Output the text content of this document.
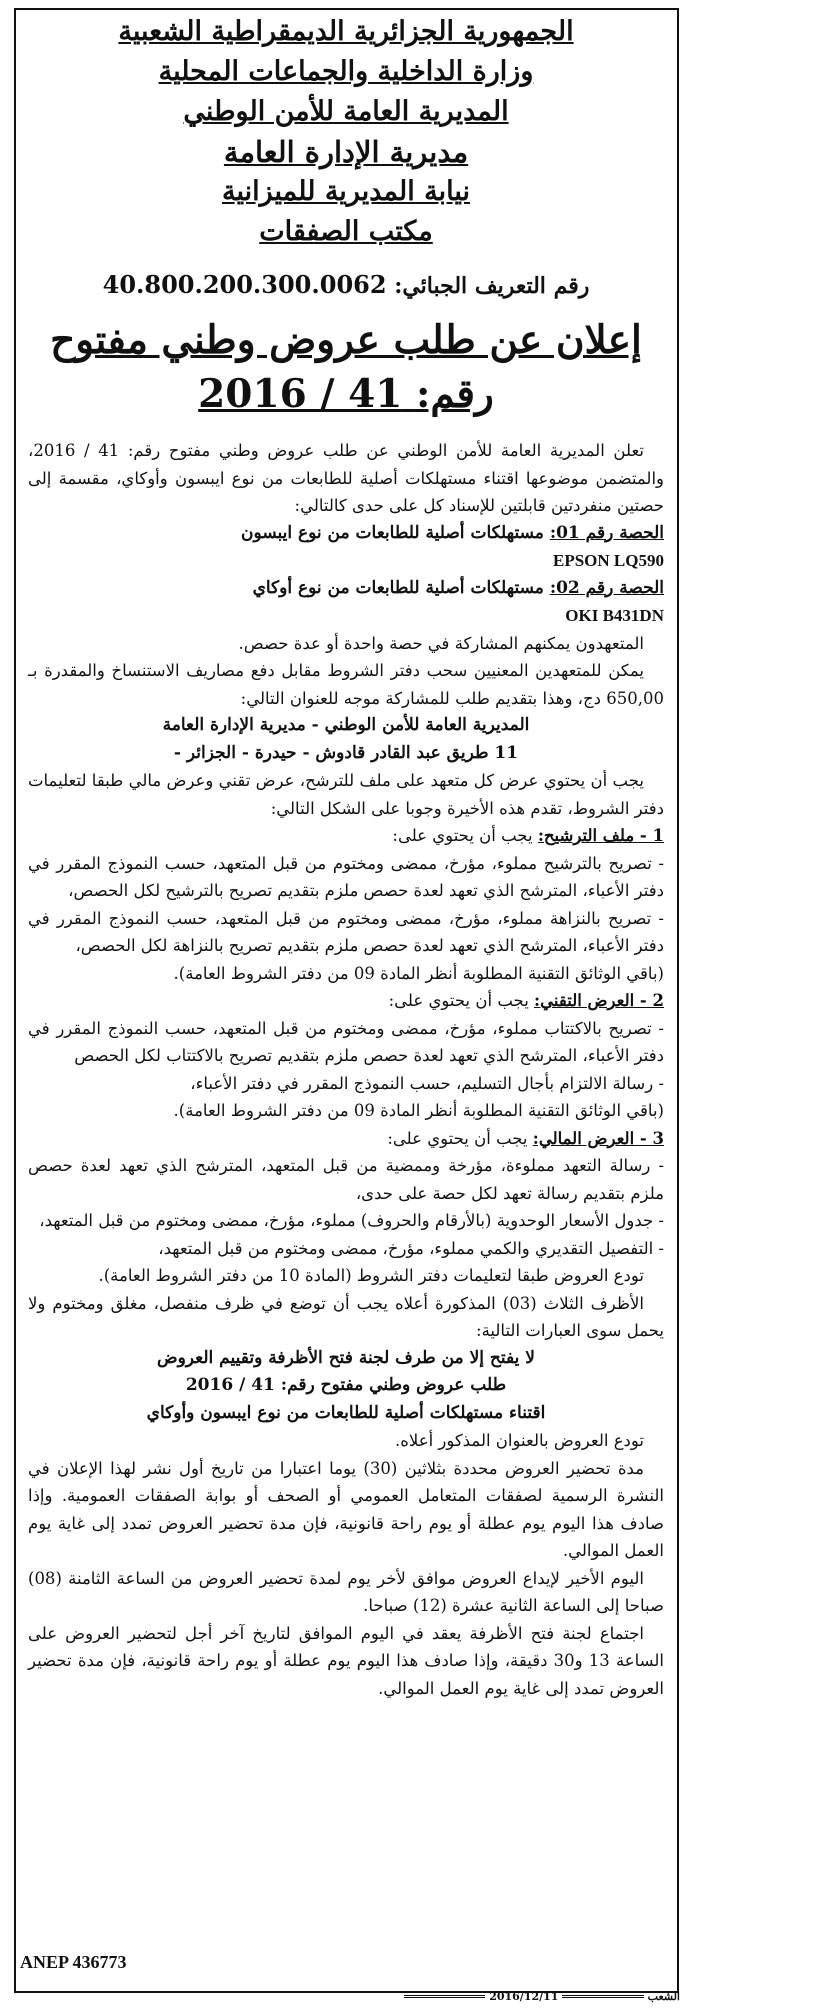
الجمهورية الجزائرية الديمقراطية الشعبية

وزارة الداخلية والجماعات المحلية

المديرية العامة للأمن الوطني

مديرية الإدارة العامة

نيابة المديرية للميزانية

مكتب الصفقات

رقم التعريف الجبائي: 40.800.200.300.0062
إعلان عن طلب عروض وطني مفتوح
رقم: 2016 / 41

تعلن المديرية العامة للأمن الوطني عن طلب عروض وطني مفتوح رقم: 41 / 2016، والمتضمن موضوعها اقتناء مستهلكات أصلية للطابعات من نوع ايبسون وأوكاي، مقسمة إلى حصتين منفردتين قابلتين للإسناد كل على حدى كالتالي:

الحصة رقم 01: مستهلكات أصلية للطابعات من نوع ايبسون

EPSON LQ590

الحصة رقم 02: مستهلكات أصلية للطابعات من نوع أوكاي

OKI B431DN

المتعهدون يمكنهم المشاركة في حصة واحدة أو عدة حصص.

يمكن للمتعهدين المعنيين سحب دفتر الشروط مقابل دفع مصاريف الاستنساخ والمقدرة بـ 650,00 دج، وهذا بتقديم طلب للمشاركة موجه للعنوان التالي:

المديرية العامة للأمن الوطني - مديرية الإدارة العامة

11 طريق عبد القادر قادوش - حيدرة - الجزائر -

يجب أن يحتوي عرض كل متعهد على ملف للترشح، عرض تقني وعرض مالي طبقا لتعليمات دفتر الشروط، تقدم هذه الأخيرة وجوبا على الشكل التالي:

1 - ملف الترشيح: يجب أن يحتوي على:

- تصريح بالترشيح مملوء، مؤرخ، ممضى ومختوم من قبل المتعهد، حسب النموذج المقرر في دفتر الأعباء، المترشح الذي تعهد لعدة حصص ملزم بتقديم تصريح بالترشيح لكل الحصص،

- تصريح بالنزاهة مملوء، مؤرخ، ممضى ومختوم من قبل المتعهد، حسب النموذج المقرر في دفتر الأعباء، المترشح الذي تعهد لعدة حصص ملزم بتقديم تصريح بالنزاهة لكل الحصص،

(باقي الوثائق التقنية المطلوبة أنظر المادة 09 من دفتر الشروط العامة).

2 - العرض التقني: يجب أن يحتوي على:

- تصريح بالاكتتاب مملوء، مؤرخ، ممضى ومختوم من قبل المتعهد، حسب النموذج المقرر في دفتر الأعباء، المترشح الذي تعهد لعدة حصص ملزم بتقديم تصريح بالاكتتاب لكل الحصص

- رسالة الالتزام بأجال التسليم، حسب النموذج المقرر في دفتر الأعباء،

(باقي الوثائق التقنية المطلوبة أنظر المادة 09 من دفتر الشروط العامة).

3 - العرض المالي: يجب أن يحتوي على:

- رسالة التعهد مملوءة، مؤرخة وممضية من قبل المتعهد، المترشح الذي تعهد لعدة حصص ملزم بتقديم رسالة تعهد لكل حصة على حدى،

- جدول الأسعار الوحدوية (بالأرقام والحروف) مملوء، مؤرخ، ممضى ومختوم من قبل المتعهد،

- التفصيل التقديري والكمي مملوء، مؤرخ، ممضى ومختوم من قبل المتعهد،

تودع العروض طبقا لتعليمات دفتر الشروط (المادة 10 من دفتر الشروط العامة).

الأظرف الثلاث (03) المذكورة أعلاه يجب أن توضع في ظرف منفصل، مغلق ومختوم ولا يحمل سوى العبارات التالية:

لا يفتح إلا من طرف لجنة فتح الأظرفة وتقييم العروض

طلب عروض وطني مفتوح رقم: 41 / 2016

اقتناء مستهلكات أصلية للطابعات من نوع ايبسون وأوكاي

تودع العروض بالعنوان المذكور أعلاه.

مدة تحضير العروض محددة بثلاثين (30) يوما اعتبارا من تاريخ أول نشر لهذا الإعلان في النشرة الرسمية لصفقات المتعامل العمومي أو الصحف أو بوابة الصفقات العمومية. وإذا صادف هذا اليوم يوم عطلة أو يوم راحة قانونية، فإن مدة تحضير العروض تمدد إلى غاية يوم العمل الموالي.

اليوم الأخير لإيداع العروض موافق لأخر يوم لمدة تحضير العروض من الساعة الثامنة (08) صباحا إلى الساعة الثانية عشرة (12) صباحا.

اجتماع لجنة فتح الأظرفة يعقد في اليوم الموافق لتاريخ آخر أجل لتحضير العروض على الساعة 13 و30 دقيقة، وإذا صادف هذا اليوم يوم عطلة أو يوم راحة قانونية، فإن مدة تحضير العروض تمدد إلى غاية يوم العمل الموالي.

ANEP 436773
الشعب
2016/12/11
